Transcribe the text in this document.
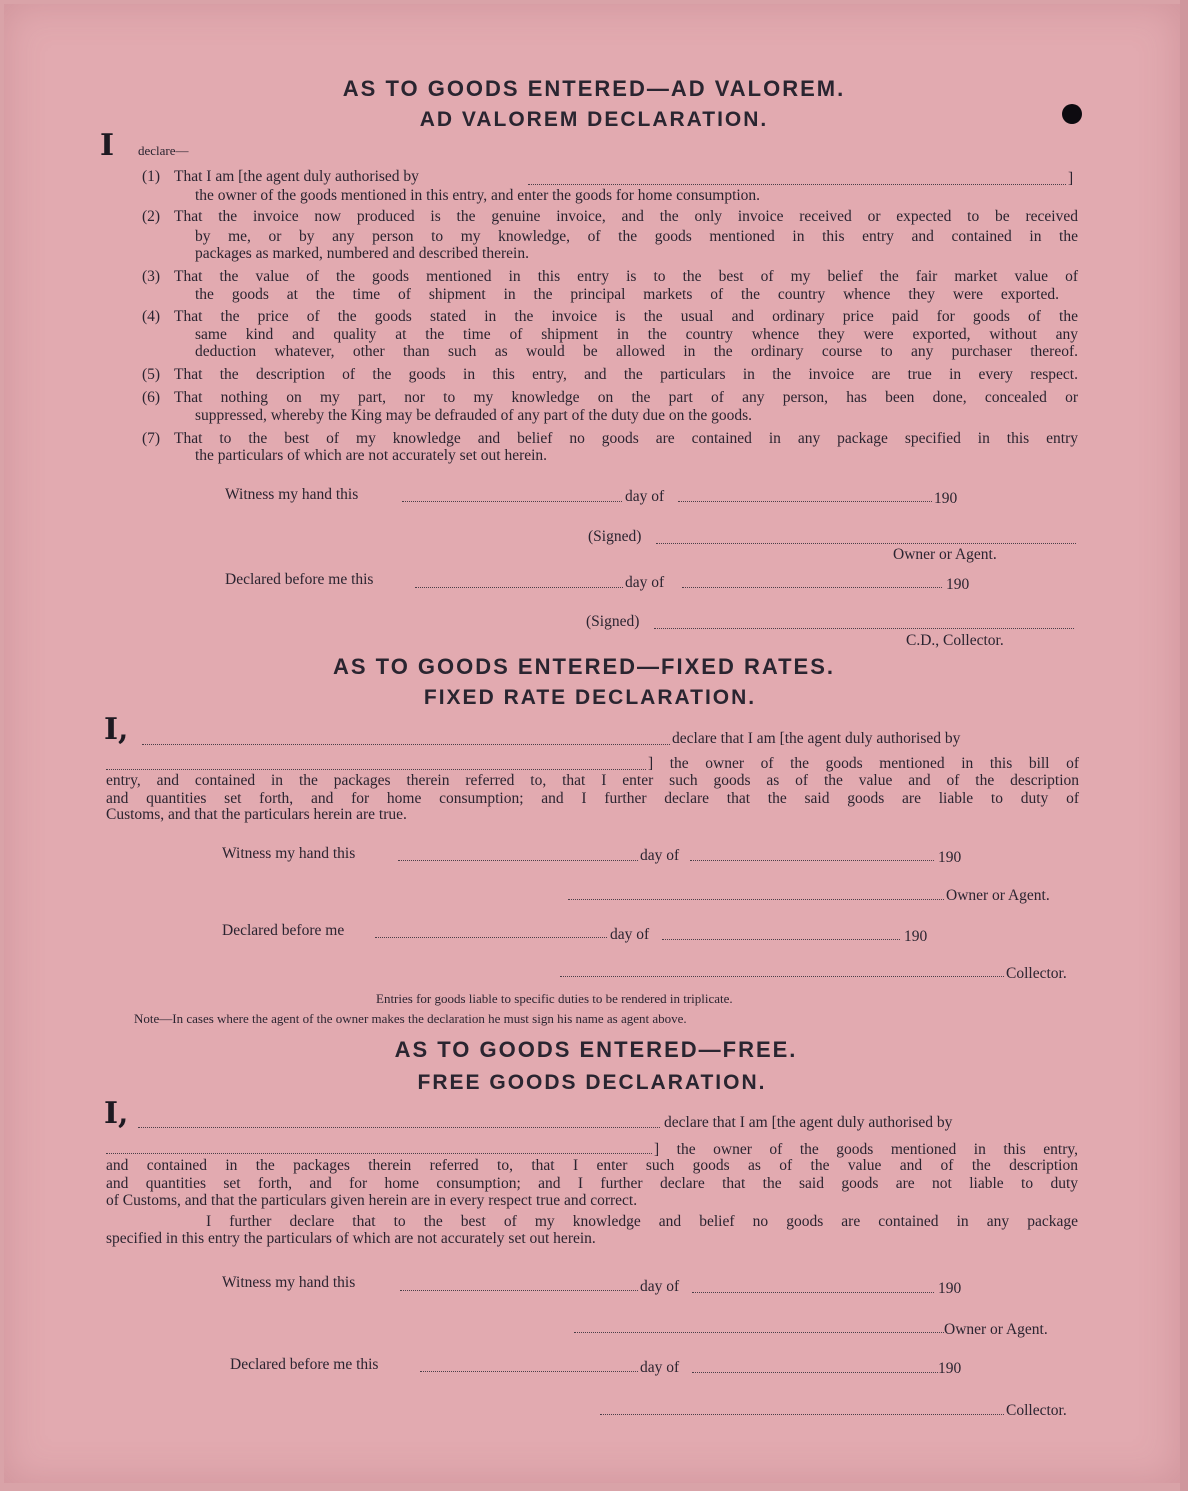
AS TO GOODS ENTERED—AD VALOREM.
AD VALOREM DECLARATION.
I declare—
(1) That I am [the agent duly authorised by	]
the owner of the goods mentioned in this entry, and enter the goods for home consumption.
(2) That the invoice now produced is the genuine invoice, and the only invoice received or expected to be received
by me, or by any person to my knowledge, of the goods mentioned in this entry and contained in the
packages as marked, numbered and described therein.
(3) That the value of the goods mentioned in this entry is to the best of my belief the fair market value of
the goods at the time of shipment in the principal markets of the country whence they were exported.
(4) That the price of the goods stated in the invoice is the usual and ordinary price paid for goods of the
same kind and quality at the time of shipment in the country whence they were exported, without any
deduction whatever, other than such as would be allowed in the ordinary course to any purchaser thereof.
(5) That the description of the goods in this entry, and the particulars in the invoice are true in every respect.
(6) That nothing on my part, nor to my knowledge on the part of any person, has been done, concealed or
suppressed, whereby the King may be defrauded of any part of the duty due on the goods.
(7) That to the best of my knowledge and belief no goods are contained in any package specified in this entry
the particulars of which are not accurately set out herein.
Witness my hand this	day of	190
(Signed)
Owner or Agent.
Declared before me this	day of	190
(Signed)
C.D., Collector.
AS TO GOODS ENTERED—FIXED RATES.
FIXED RATE DECLARATION.
I,	declare that I am [the agent duly authorised by
] the owner of the goods mentioned in this bill of
entry, and contained in the packages therein referred to, that I enter such goods as of the value and of the description
and quantities set forth, and for home consumption; and I further declare that the said goods are liable to duty of
Customs, and that the particulars herein are true.
Witness my hand this	day of	190
Owner or Agent.
Declared before me	day of	190
Collector.
Entries for goods liable to specific duties to be rendered in triplicate.
Note—In cases where the agent of the owner makes the declaration he must sign his name as agent above.
AS TO GOODS ENTERED—FREE.
FREE GOODS DECLARATION.
I,	declare that I am [the agent duly authorised by
] the owner of the goods mentioned in this entry,
and contained in the packages therein referred to, that I enter such goods as of the value and of the description
and quantities set forth, and for home consumption; and I further declare that the said goods are not liable to duty
of Customs, and that the particulars given herein are in every respect true and correct.
I further declare that to the best of my knowledge and belief no goods are contained in any package
specified in this entry the particulars of which are not accurately set out herein.
Witness my hand this	day of	190
Owner or Agent.
Declared before me this	day of	190
Collector.
